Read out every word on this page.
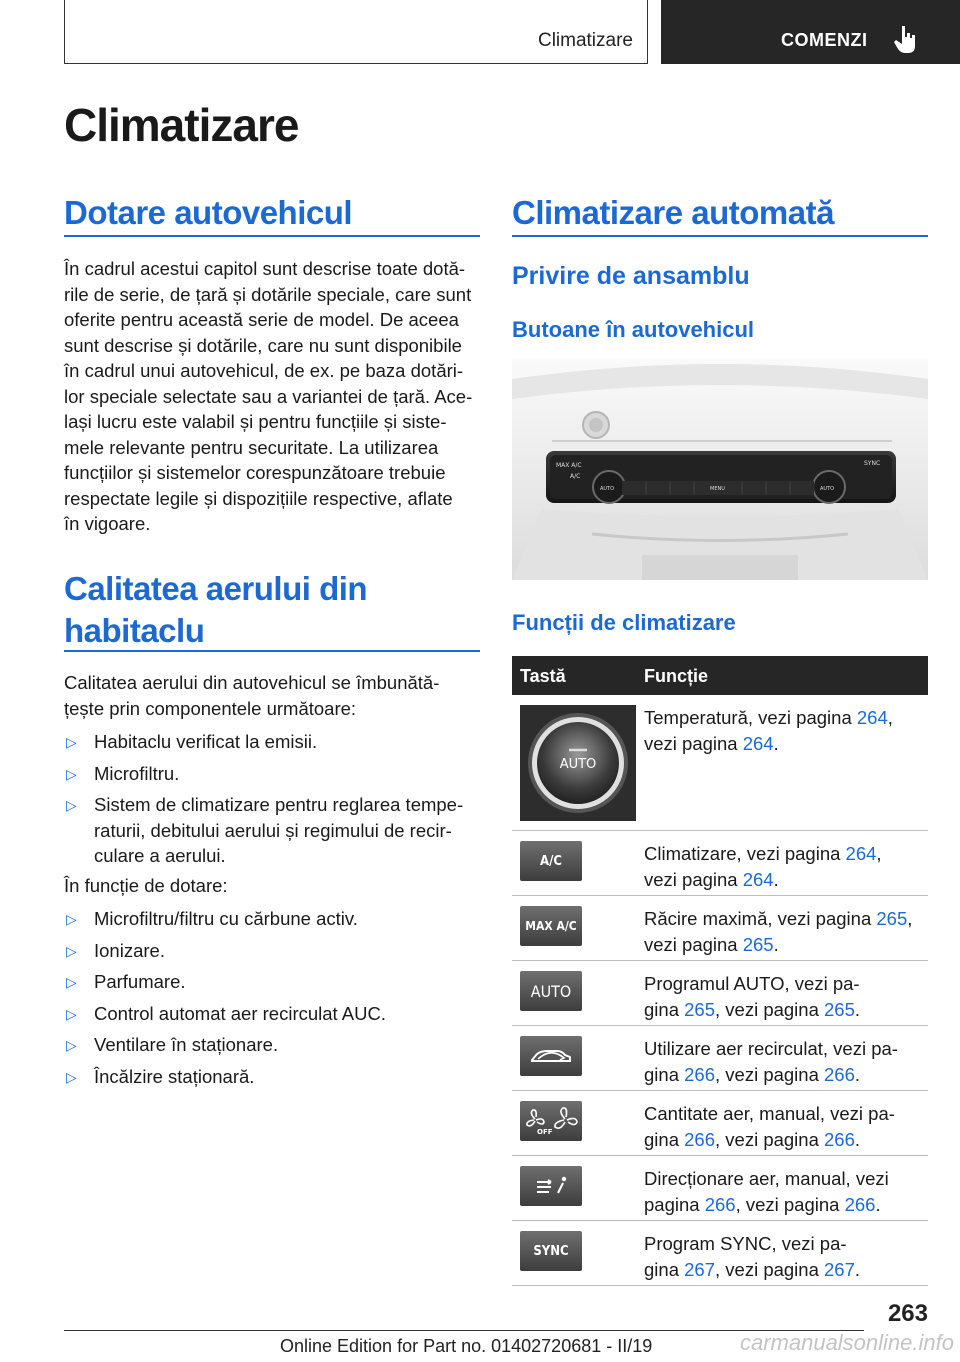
Climatizare	COMENZI
Climatizare
Dotare autovehicul
În cadrul acestui capitol sunt descrise toate dotă-
rile de serie, de țară și dotările speciale, care sunt
oferite pentru această serie de model. De aceea
sunt descrise și dotările, care nu sunt disponibile
în cadrul unui autovehicul, de ex. pe baza dotări-
lor speciale selectate sau a variantei de țară. Ace-
lași lucru este valabil și pentru funcțiile și siste-
mele relevante pentru securitate. La utilizarea
funcțiilor și sistemelor corespunzătoare trebuie
respectate legile și dispozițiile respective, aflate
în vigoare.
Calitatea aerului din
habitaclu
Calitatea aerului din autovehicul se îmbunătă-
țește prin componentele următoare:
▷ Habitaclu verificat la emisii.
▷ Microfiltru.
▷ Sistem de climatizare pentru reglarea tempe-
raturii, debitului aerului și regimului de recir-
culare a aerului.
În funcție de dotare:
▷ Microfiltru/filtru cu cărbune activ.
▷ Ionizare.
▷ Parfumare.
▷ Control automat aer recirculat AUC.
▷ Ventilare în staționare.
▷ Încălzire staționară.
Climatizare automată
Privire de ansamblu
Butoane în autovehicul
MAX A/C
A/C
AUTO	MENU	AUTO
SYNC
Funcții de climatizare
Tastă	Funcție
AUTO
Temperatură, vezi pagina 264,
vezi pagina 264.
A/C	Climatizare, vezi pagina 264,
vezi pagina 264.
MAX A/C	Răcire maximă, vezi pagina 265,
vezi pagina 265.
AUTO	Programul AUTO, vezi pa-
gina 265, vezi pagina 265.
Utilizare aer recirculat, vezi pa-
gina 266, vezi pagina 266.
OFF
Cantitate aer, manual, vezi pa-
gina 266, vezi pagina 266.
Direcționare aer, manual, vezi
pagina 266, vezi pagina 266.
SYNC	Program SYNC, vezi pa-
gina 267, vezi pagina 267.
263
Online Edition for Part no. 01402720681 - II/19	carmanualsonline.info
